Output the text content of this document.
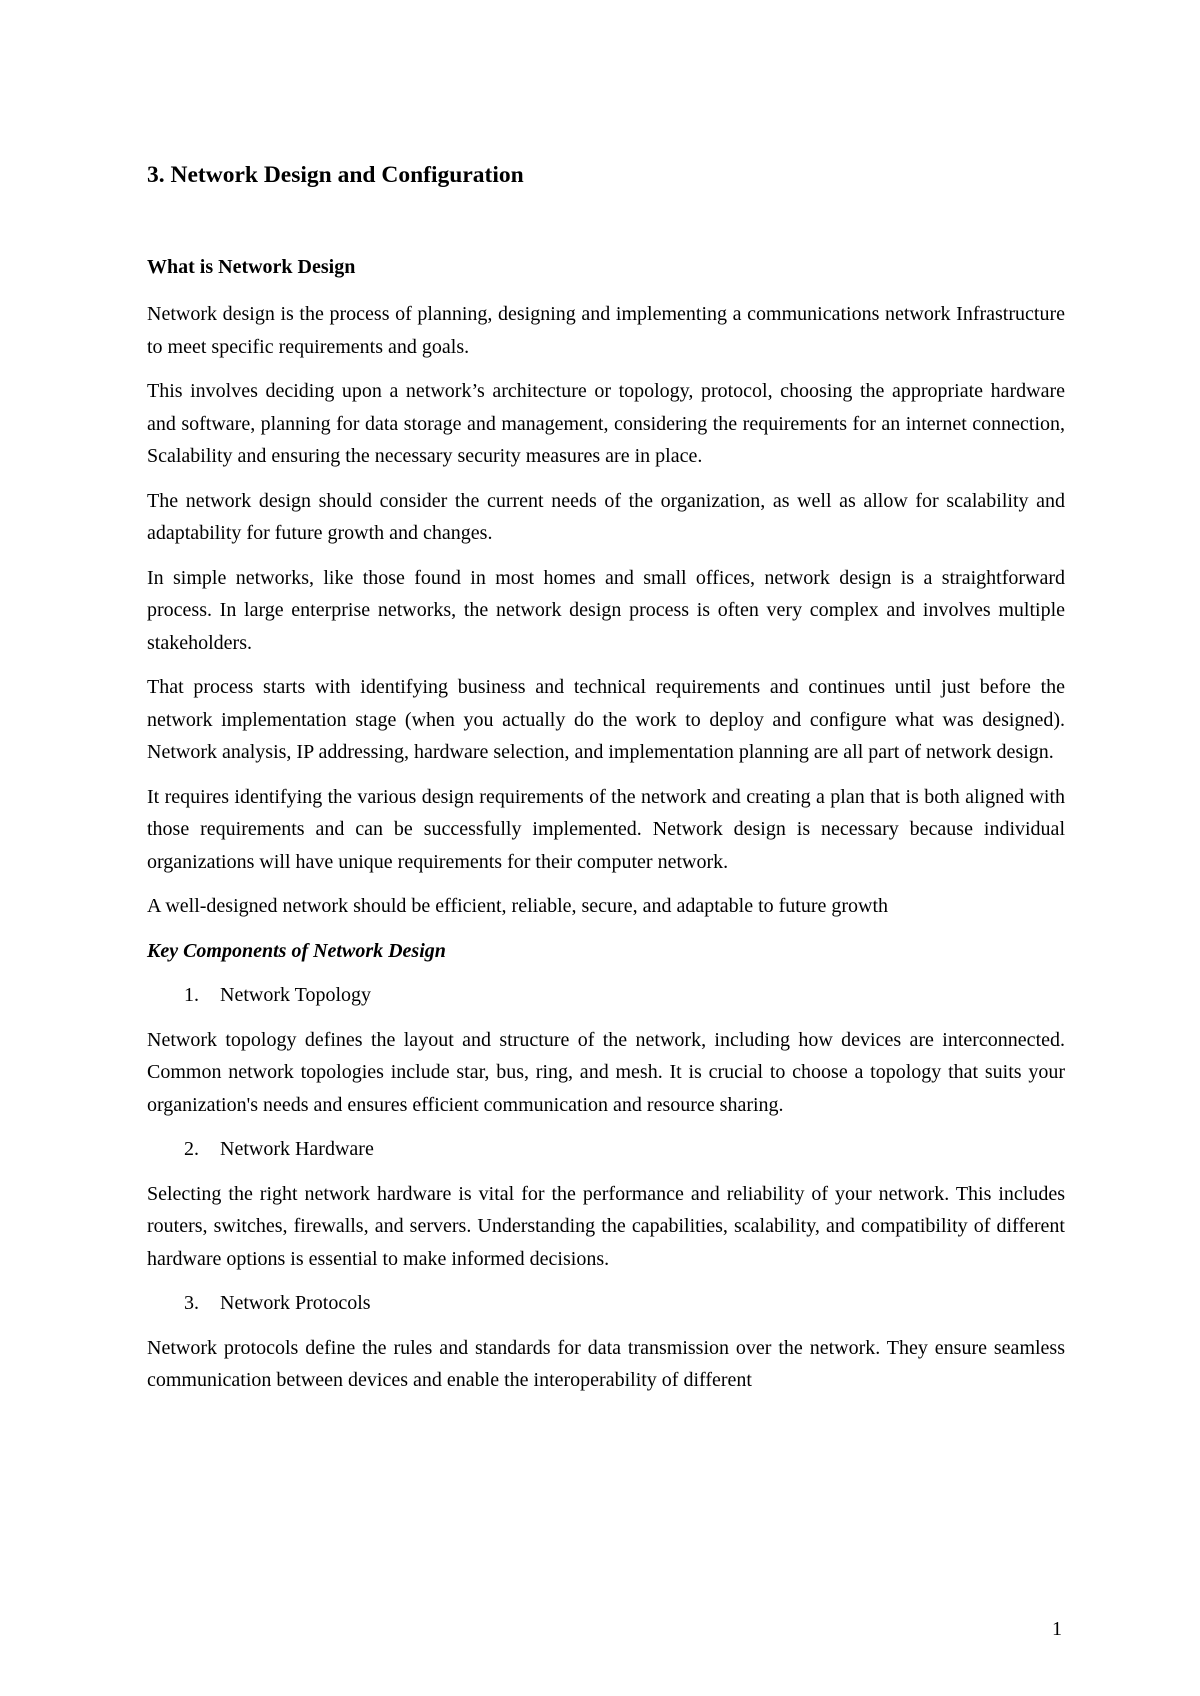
3. Network Design and Configuration
What is Network Design

Network design is the process of planning, designing and implementing a communications network Infrastructure to meet specific requirements and goals.

This involves deciding upon a network’s architecture or topology, protocol, choosing the appropriate hardware and software, planning for data storage and management, considering the requirements for an internet connection, Scalability and ensuring the necessary security measures are in place.

The network design should consider the current needs of the organization, as well as allow for scalability and adaptability for future growth and changes.

In simple networks, like those found in most homes and small offices, network design is a straightforward process. In large enterprise networks, the network design process is often very complex and involves multiple stakeholders.

That process starts with identifying business and technical requirements and continues until just before the network implementation stage (when you actually do the work to deploy and configure what was designed). Network analysis, IP addressing, hardware selection, and implementation planning are all part of network design.

It requires identifying the various design requirements of the network and creating a plan that is both aligned with those requirements and can be successfully implemented. Network design is necessary because individual organizations will have unique requirements for their computer network.

A well-designed network should be efficient, reliable, secure, and adaptable to future growth

Key Components of Network Design

1.	Network Topology

Network topology defines the layout and structure of the network, including how devices are interconnected. Common network topologies include star, bus, ring, and mesh. It is crucial to choose a topology that suits your organization's needs and ensures efficient communication and resource sharing.

2.	Network Hardware

Selecting the right network hardware is vital for the performance and reliability of your network. This includes routers, switches, firewalls, and servers. Understanding the capabilities, scalability, and compatibility of different hardware options is essential to make informed decisions.

3.	Network Protocols

Network protocols define the rules and standards for data transmission over the network. They ensure seamless communication between devices and enable the interoperability of different

1
